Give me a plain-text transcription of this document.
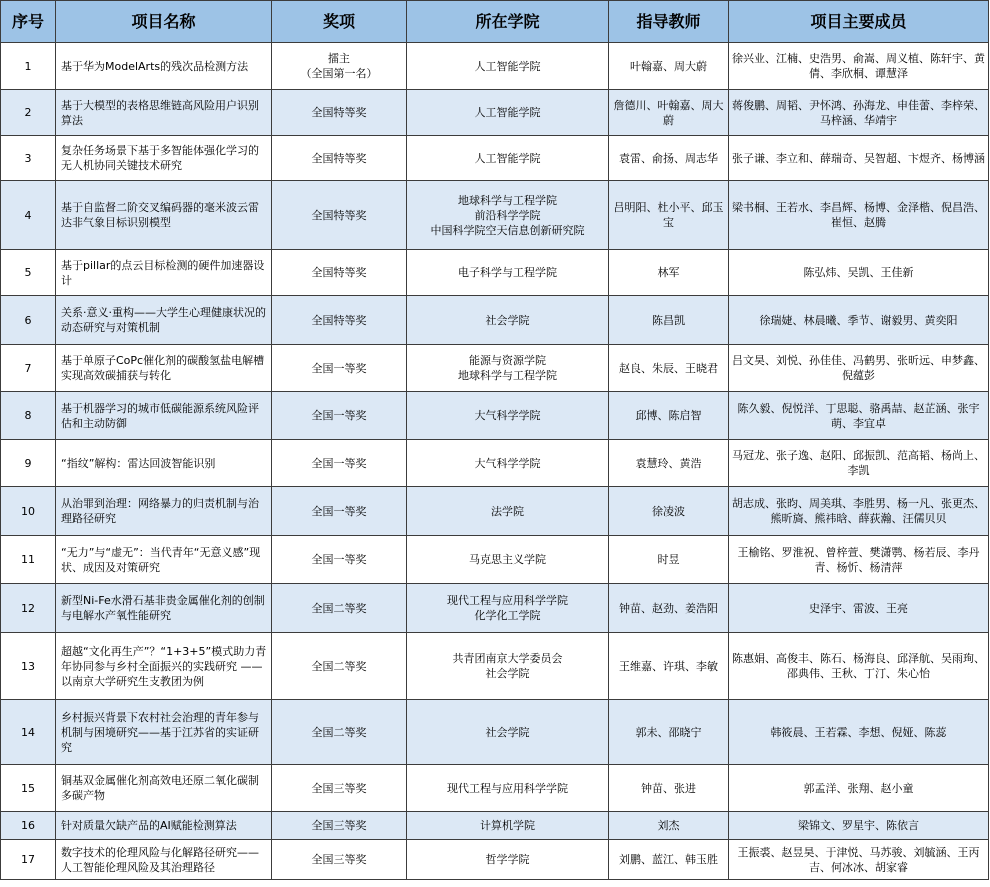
序号	项目名称	奖项	所在学院	指导教师	项目主要成员
1	基于华为ModelArts的残次品检测方法	擂主
（全国第一名）	人工智能学院	叶翰嘉、周大蔚	徐兴业、江楠、史浩男、俞嵩、周义植、陈轩宇、黄倩、李欣桐、谭慧泽
2	基于大模型的表格思维链高风险用户识别算法	全国特等奖	人工智能学院	詹德川、叶翰嘉、周大蔚	蒋俊鹏、周韬、尹怀鸿、孙海龙、申佳蕾、李梓荣、马梓涵、华靖宇
3	复杂任务场景下基于多智能体强化学习的无人机协同关键技术研究	全国特等奖	人工智能学院	袁雷、俞扬、周志华	张子谦、李立和、薛瑞奇、吴智超、卞煜齐、杨博涵
4	基于自监督二阶交叉编码器的毫米波云雷达非气象目标识别模型	全国特等奖	地球科学与工程学院
前沿科学学院
中国科学院空天信息创新研究院	吕明阳、杜小平、邱玉宝	梁书桐、王若水、李昌辉、杨博、金泽楷、倪昌浩、崔恒、赵腾
5	基于pillar的点云目标检测的硬件加速器设计	全国特等奖	电子科学与工程学院	林军	陈弘炜、吴凯、王佳新
6	关系·意义·重构——大学生心理健康状况的动态研究与对策机制	全国特等奖	社会学院	陈昌凯	徐瑞婕、林晨曦、季节、谢毅男、黄奕阳
7	基于单原子CoPc催化剂的碳酸氢盐电解槽实现高效碳捕获与转化	全国一等奖	能源与资源学院
地球科学与工程学院	赵良、朱辰、王晓君	吕文昊、刘悦、孙佳佳、冯鹤男、张昕远、申梦鑫、倪蕴彭
8	基于机器学习的城市低碳能源系统风险评估和主动防御	全国一等奖	大气科学学院	邱博、陈启智	陈久毅、倪悦洋、丁思聪、骆禹喆、赵芷涵、张宇萌、李宜卓
9	“指纹”解构：雷达回波智能识别	全国一等奖	大气科学学院	袁慧玲、黄浩	马冠龙、张子逸、赵阳、邱振凯、范高韬、杨尚上、李凯
10	从治罪到治理：网络暴力的归责机制与治理路径研究	全国一等奖	法学院	徐凌波	胡志成、张昀、周美琪、李胜男、杨一凡、张更杰、熊昕旖、熊祎晗、薛荻瀚、汪儒贝贝
11	“无力”与“虚无”：当代青年“无意义感”现状、成因及对策研究	全国一等奖	马克思主义学院	时昱	王榆铭、罗淮祝、曾梓萱、樊潇鹗、杨若辰、李丹青、杨忻、杨清萍
12	新型Ni-Fe水滑石基非贵金属催化剂的创制与电解水产氧性能研究	全国二等奖	现代工程与应用科学学院
化学化工学院	钟苗、赵劲、姜浩阳	史泽宇、雷波、王亮
13	超越“文化再生产”？“1+3+5”模式助力青年协同参与乡村全面振兴的实践研究 ——以南京大学研究生支教团为例	全国二等奖	共青团南京大学委员会
社会学院	王维嘉、许琪、李敏	陈惠娟、高俊丰、陈石、杨海良、邱泽航、吴雨珣、邵典伟、王秋、丁汀、朱心怡
14	乡村振兴背景下农村社会治理的青年参与机制与困境研究——基于江苏省的实证研究	全国二等奖	社会学院	郭未、邵晓宁	韩筱晨、王若霖、李想、倪娅、陈蕊
15	铜基双金属催化剂高效电还原二氧化碳制多碳产物	全国三等奖	现代工程与应用科学学院	钟苗、张进	郭孟洋、张翔、赵小童
16	针对质量欠缺产品的AI赋能检测算法	全国三等奖	计算机学院	刘杰	梁锦文、罗星宇、陈依言
17	数字技术的伦理风险与化解路径研究——人工智能伦理风险及其治理路径	全国三等奖	哲学学院	刘鹏、蓝江、韩玉胜	王振裘、赵昱昊、于津悦、马苏骏、刘毓涵、王丙吉、何冰冰、胡家睿
